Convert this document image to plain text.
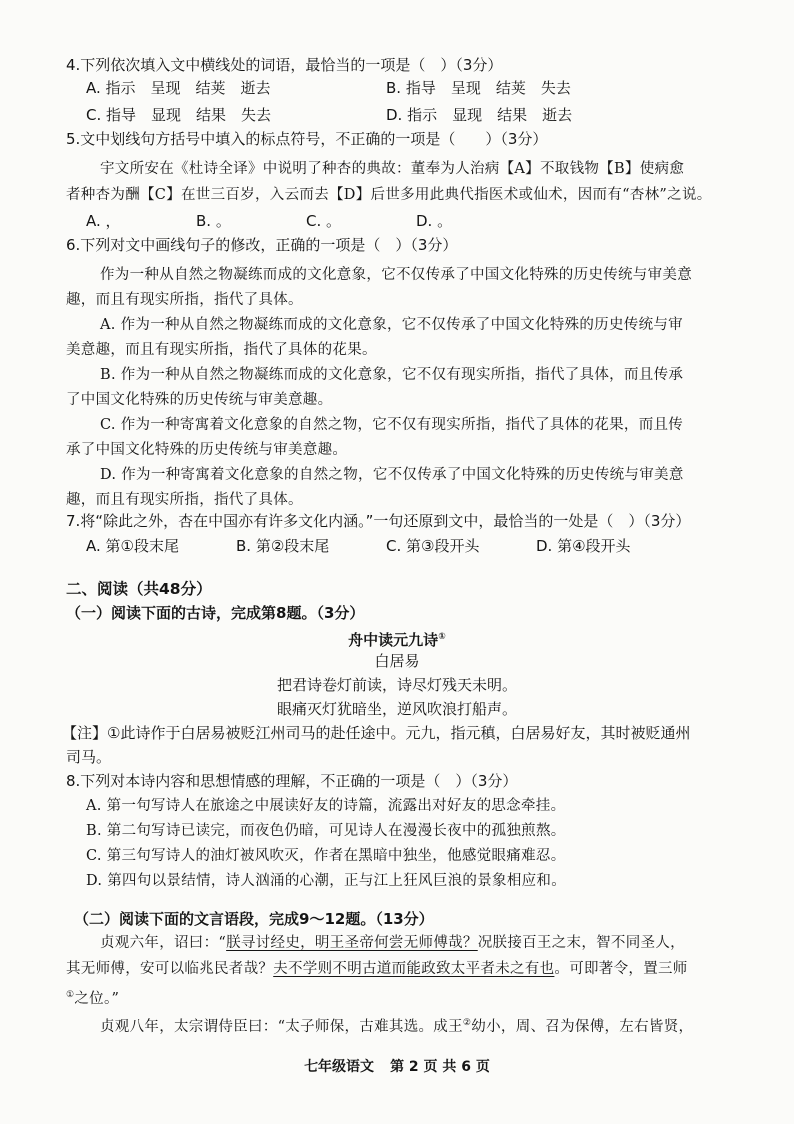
4.下列依次填入文中横线处的词语，最恰当的一项是（　）（3分）
A. 指示　呈现　结荚　逝去	B. 指导　呈现　结荚　失去
C. 指导　显现　结果　失去	D. 指示　显现　结果　逝去
5.文中划线句方括号中填入的标点符号，不正确的一项是（　　）（3分）
宇文所安在《杜诗全译》中说明了种杏的典故：董奉为人治病【A】不取钱物【B】使病愈
者种杏为酬【C】在世三百岁，入云而去【D】后世多用此典代指医术或仙术，因而有“杏林”之说。
A. ，	B. 。	C. 。	D. 。
6.下列对文中画线句子的修改，正确的一项是（　）（3分）
作为一种从自然之物凝练而成的文化意象，它不仅传承了中国文化特殊的历史传统与审美意
趣，而且有现实所指，指代了具体。
A. 作为一种从自然之物凝练而成的文化意象，它不仅传承了中国文化特殊的历史传统与审
美意趣，而且有现实所指，指代了具体的花果。
B. 作为一种从自然之物凝练而成的文化意象，它不仅有现实所指，指代了具体，而且传承
了中国文化特殊的历史传统与审美意趣。
C. 作为一种寄寓着文化意象的自然之物，它不仅有现实所指，指代了具体的花果，而且传
承了中国文化特殊的历史传统与审美意趣。
D. 作为一种寄寓着文化意象的自然之物，它不仅传承了中国文化特殊的历史传统与审美意
趣，而且有现实所指，指代了具体。
7.将“除此之外，杏在中国亦有许多文化内涵。”一句还原到文中，最恰当的一处是（　）（3分）
A. 第①段末尾	B. 第②段末尾	C. 第③段开头	D. 第④段开头
二、阅读（共48分）
（一）阅读下面的古诗，完成第8题。（3分）
舟中读元九诗①
白居易
把君诗卷灯前读，诗尽灯残天未明。
眼痛灭灯犹暗坐，逆风吹浪打船声。
【注】①此诗作于白居易被贬江州司马的赴任途中。元九，指元稹，白居易好友，其时被贬通州
司马。
8.下列对本诗内容和思想情感的理解，不正确的一项是（　）（3分）
A. 第一句写诗人在旅途之中展读好友的诗篇，流露出对好友的思念牵挂。
B. 第二句写诗已读完，而夜色仍暗，可见诗人在漫漫长夜中的孤独煎熬。
C. 第三句写诗人的油灯被风吹灭，作者在黑暗中独坐，他感觉眼痛难忍。
D. 第四句以景结情，诗人汹涌的心潮，正与江上狂风巨浪的景象相应和。
（二）阅读下面的文言语段，完成9～12题。（13分）
贞观六年，诏曰：“朕寻讨经史，明王圣帝何尝无师傅哉？况朕接百王之末，智不同圣人，
其无师傅，安可以临兆民者哉？夫不学则不明古道而能政致太平者未之有也。可即著令，置三师
①之位。”
贞观八年，太宗谓侍臣曰：“太子师保，古难其选。成王②幼小，周、召为保傅，左右皆贤，
七年级语文 第 2 页 共 6 页
